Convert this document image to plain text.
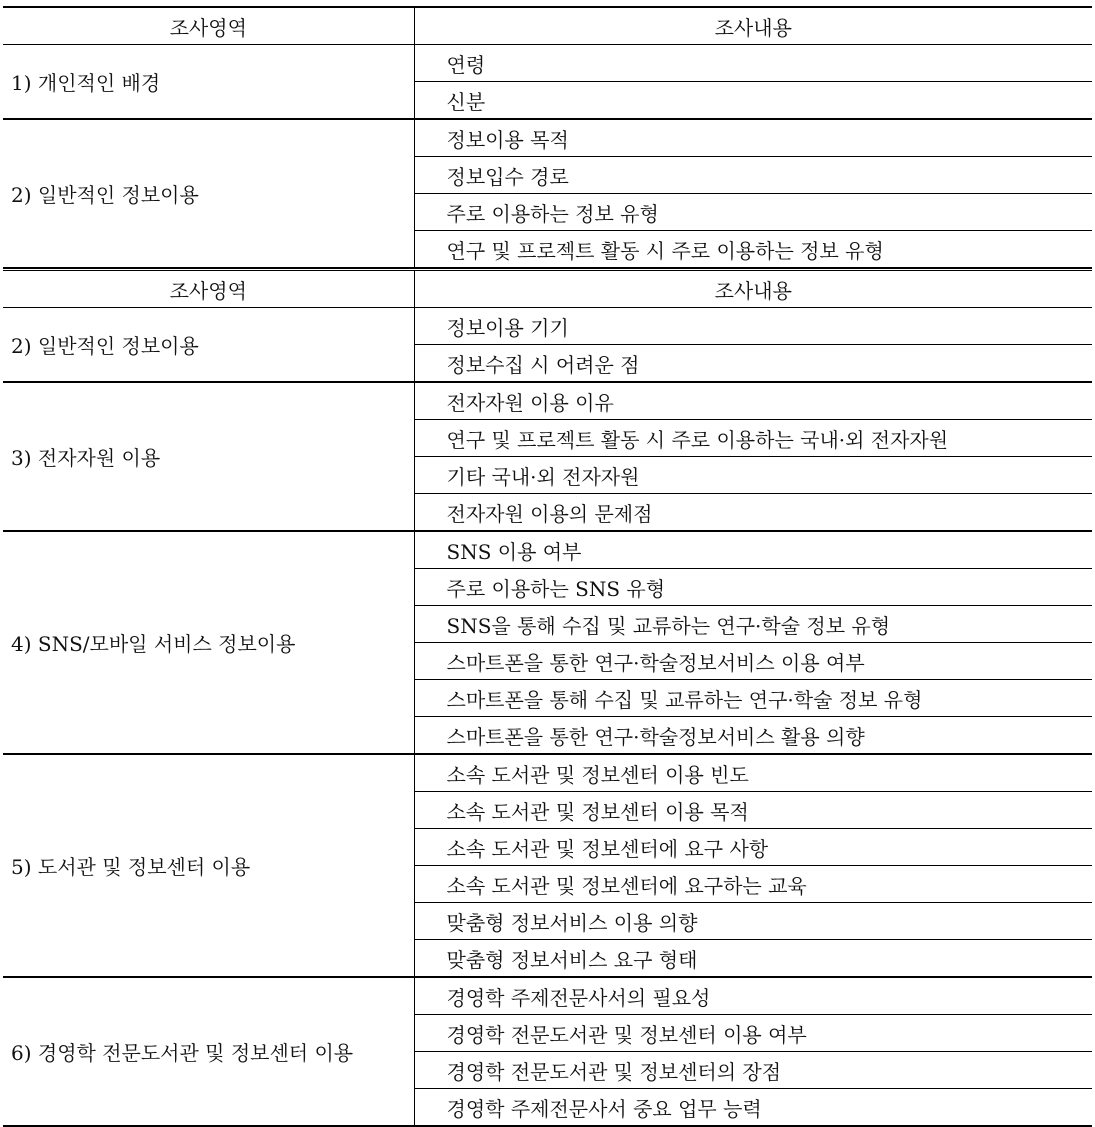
조사영역	조사내용
1) 개인적인 배경	연령
	신분
2) 일반적인 정보이용	정보이용 목적
	정보입수 경로
	주로 이용하는 정보 유형
	연구 및 프로젝트 활동 시 주로 이용하는 정보 유형
조사영역	조사내용
2) 일반적인 정보이용	정보이용 기기
	정보수집 시 어려운 점
3) 전자자원 이용	전자자원 이용 이유
	연구 및 프로젝트 활동 시 주로 이용하는 국내·외 전자자원
	기타 국내·외 전자자원
	전자자원 이용의 문제점
4) SNS/모바일 서비스 정보이용	SNS 이용 여부
	주로 이용하는 SNS 유형
	SNS을 통해 수집 및 교류하는 연구·학술 정보 유형
	스마트폰을 통한 연구·학술정보서비스 이용 여부
	스마트폰을 통해 수집 및 교류하는 연구·학술 정보 유형
	스마트폰을 통한 연구·학술정보서비스 활용 의향
5) 도서관 및 정보센터 이용	소속 도서관 및 정보센터 이용 빈도
	소속 도서관 및 정보센터 이용 목적
	소속 도서관 및 정보센터에 요구 사항
	소속 도서관 및 정보센터에 요구하는 교육
	맞춤형 정보서비스 이용 의향
	맞춤형 정보서비스 요구 형태
6) 경영학 전문도서관 및 정보센터 이용	경영학 주제전문사서의 필요성
	경영학 전문도서관 및 정보센터 이용 여부
	경영학 전문도서관 및 정보센터의 장점
	경영학 주제전문사서 중요 업무 능력
